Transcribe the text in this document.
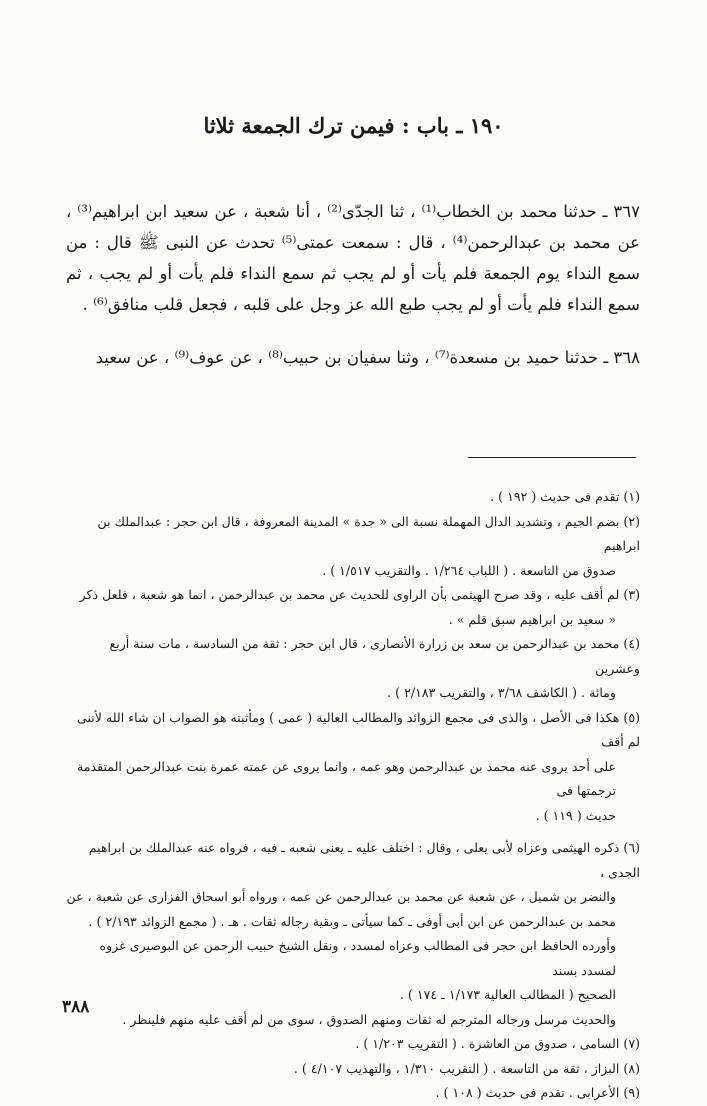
١٩٠ ـ باب : فيمن ترك الجمعة ثلاثا

٣٦٧ ـ حدثنا محمد بن الخطاب⁽¹⁾ ، ثنا الجدّى⁽²⁾ ، أنا شعبة ، عن سعيد ابن ابراهيم⁽³⁾ ، عن محمد بن عبدالرحمن⁽⁴⁾ ، قال : سمعت عمتى⁽⁵⁾ تحدث عن النبى ﷺ قال : من سمع النداء يوم الجمعة فلم يأت أو لم يجب ثم سمع النداء فلم يأت أو لم يجب ، ثم سمع النداء فلم يأت أو لم يجب طبع الله عز وجل على قلبه ، فجعل قلب منافق⁽⁶⁾ .

٣٦٨ ـ حدثنا حميد بن مسعدة⁽⁷⁾ ، وثنا سفيان بن حبيب⁽⁸⁾ ، عن عوف⁽⁹⁾ ، عن سعيد

(١) تقدم فى حديث ( ١٩٢ ) .

(٢) بضم الجيم ، وتشديد الدال المهملة نسبة الى « جدة » المدينة المعروفة ، قال ابن حجر : عبدالملك بن ابراهيم

صدوق من التاسعة . ( اللباب ١/٢٦٤ . والتقريب ١/٥١٧ ) .

(٣) لم أقف عليه ، وقد صرح الهيثمى بأن الراوى للحديث عن محمد بن عبدالرحمن ، انما هو شعبة ، فلعل ذكر

« سعيد بن ابراهيم سبق قلم » .

(٤) محمد بن عبدالرحمن بن سعد بن زرارة الأنصارى ، قال ابن حجر : ثقة من السادسة ، مات سنة أربع وعشرين

ومائة . ( الكاشف ٣/٦٨ ، والتقريب ٢/١٨٣ ) .

(٥) هكذا فى الأصل ، والذى فى مجمع الزوائد والمطالب العالية ( عمى ) ومأثبته هو الصواب ان شاء الله لأننى لم أقف

على أحد يروى عنه محمد بن عبدالرحمن وهو عمه ، وانما يروى عن عمته عمرة بنت عبدالرحمن المتقدمة ترجمتها فى

حديث ( ١١٩ ) .

(٦) ذكره الهيثمى وعزاه لأبى يعلى ، وقال : اختلف عليه ـ يعنى شعبه ـ فيه ، فرواه عنه عبدالملك بن ابراهيم الجدى ،

والنضر بن شميل ، عن شعبة عن محمد بن عبدالرحمن عن عمه ، ورواه أبو اسحاق الفزارى عن شعبة ، عن

محمد بن عبدالرحمن عن ابن أبى أوفى ـ كما سيأتى ـ وبقية رجاله ثقات . هـ . ( مجمع الزوائد ٢/١٩٣ ) .

وأورده الحافظ ابن حجر فى المطالب وعزاه لمسدد ، ونقل الشيخ حبيب الرحمن عن البوصيرى غزوه لمسدد بسند

الصحيح ( المطالب العالية ١/١٧٣ ـ ١٧٤ ) .

والحديث مرسل ورجاله المترجم له ثقات ومنهم الصدوق ، سوى من لم أقف عليه منهم فلينظر .

(٧) السامى ، صدوق من العاشرة . ( التقريب ١/٢٠٣ ) .

(٨) البزاز ، ثقة من التاسعة . ( التقريب ١/٣١٠ ، والتهذيب ٤/١٠٧ ) .

(٩) الأعرابى . تقدم فى حديث ( ١٠٨ ) .

٣٨٨
